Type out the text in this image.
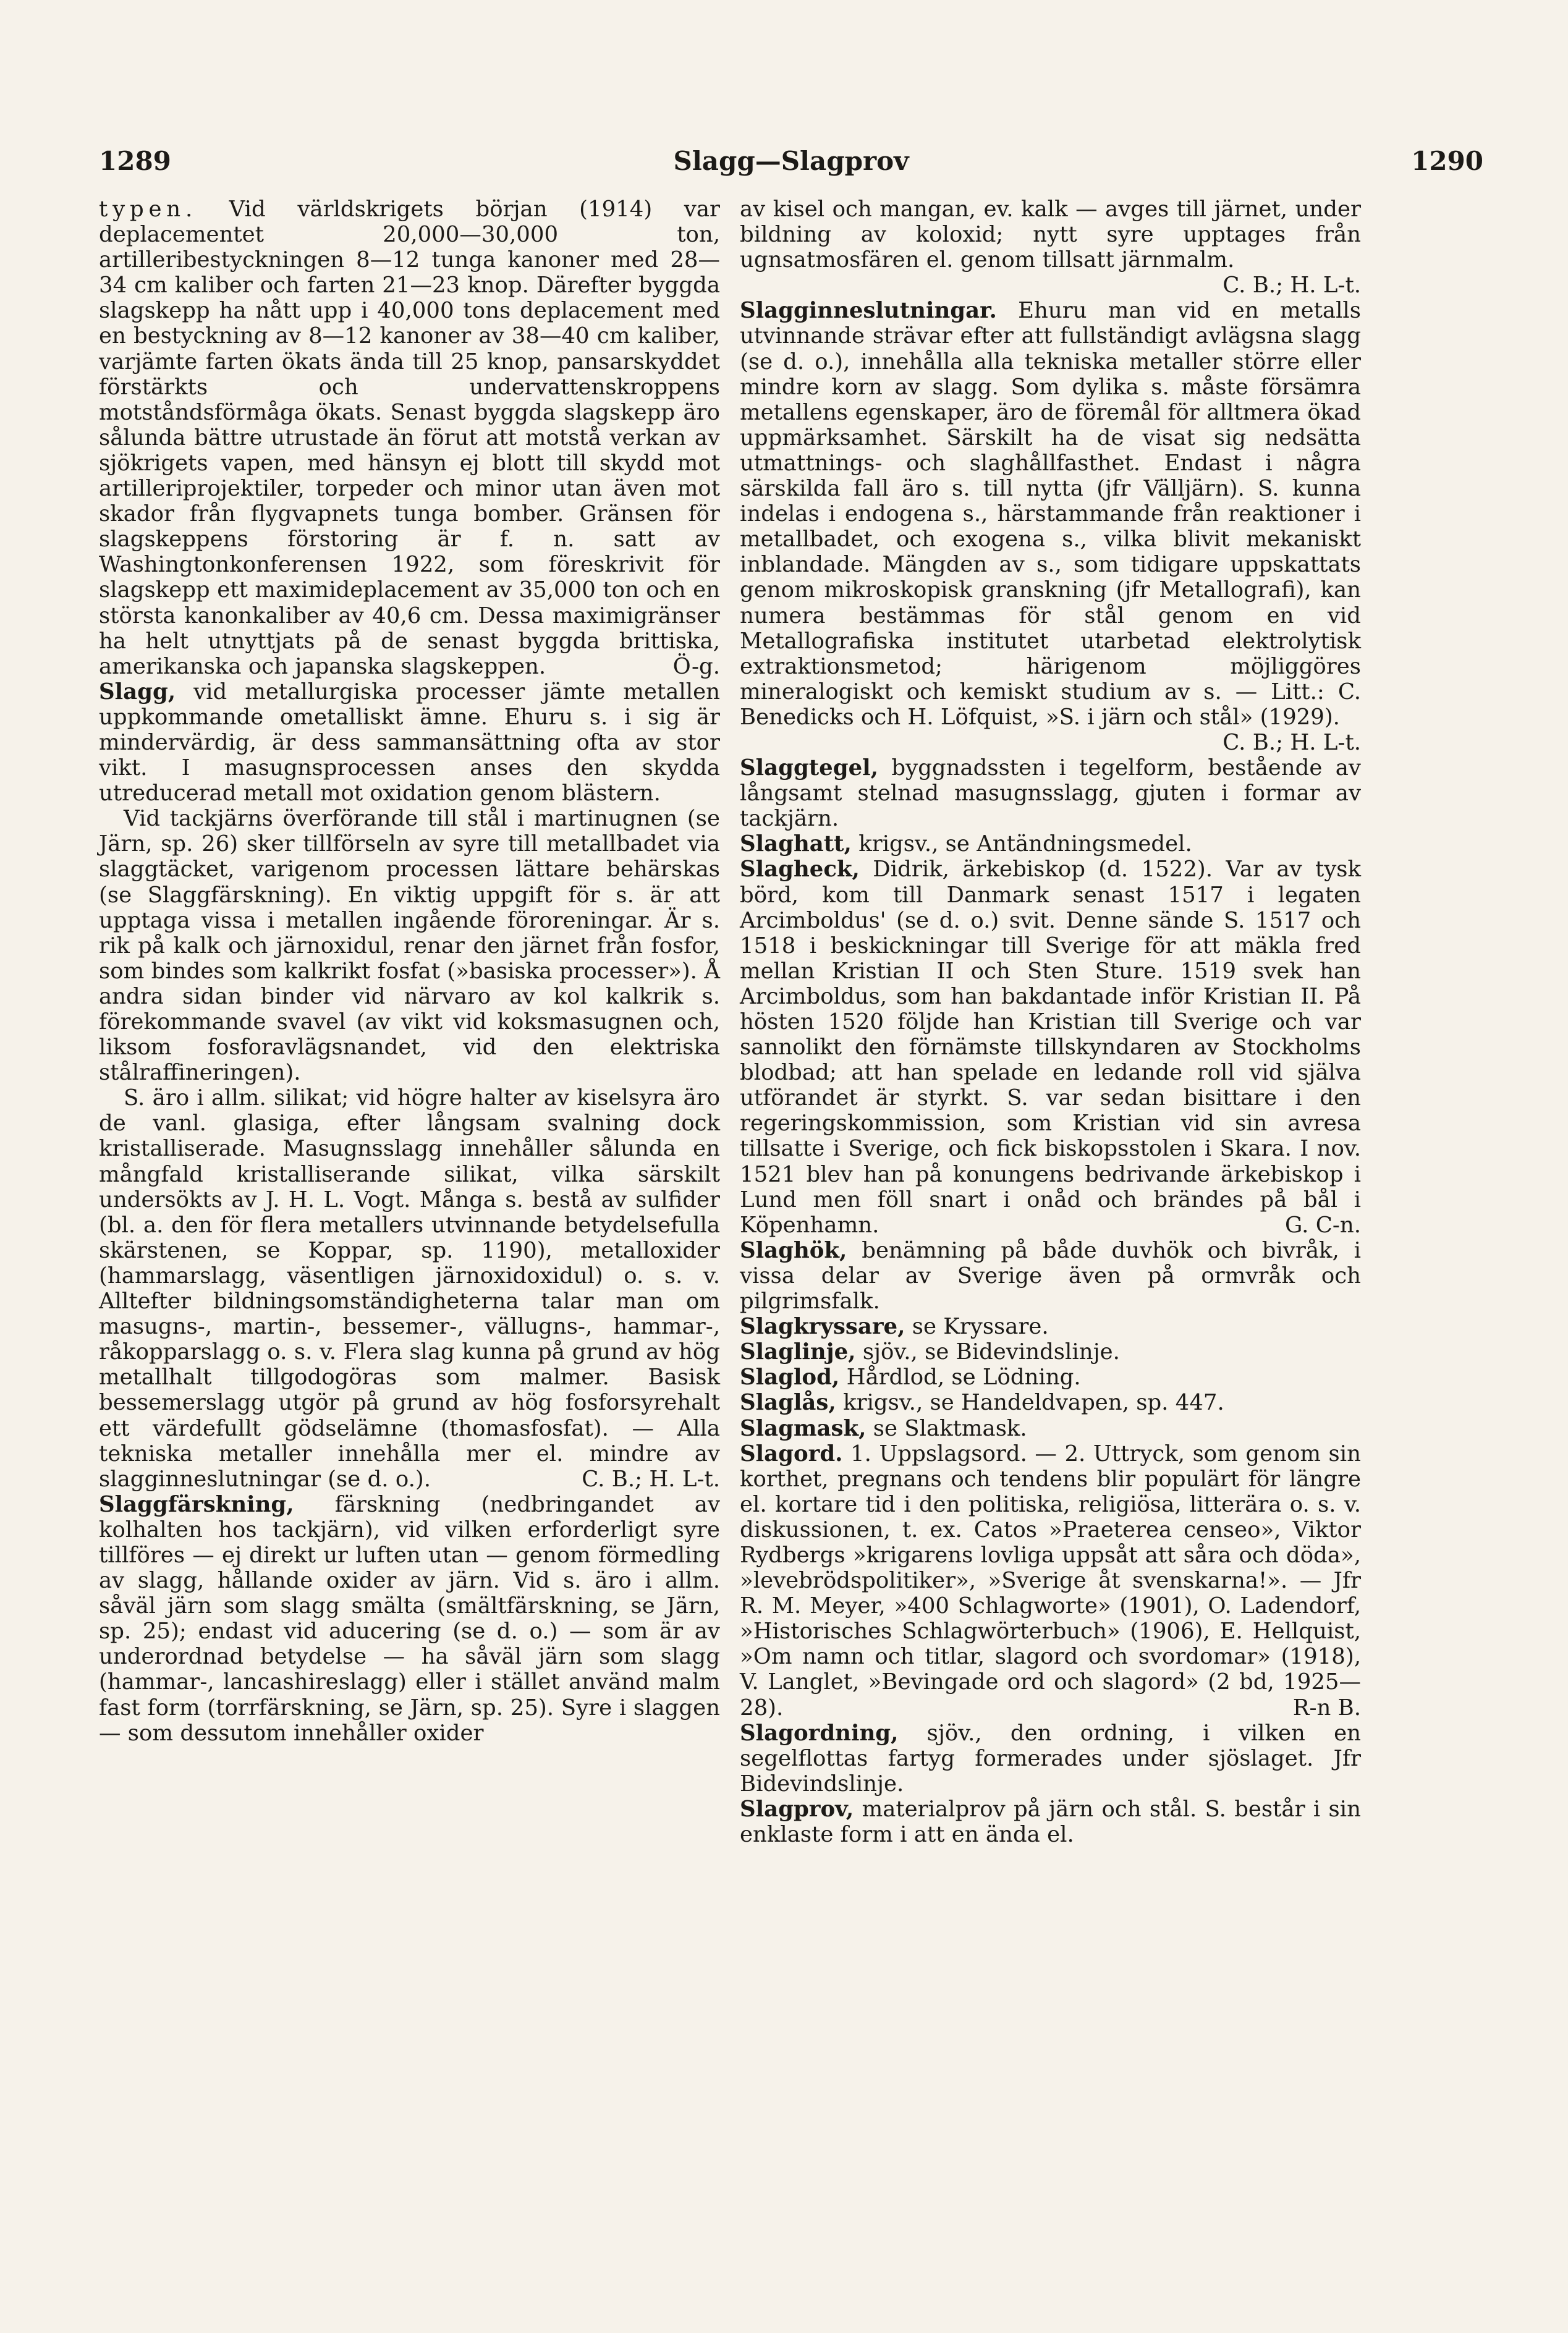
1289	Slagg—Slagprov	1290

typen. Vid världskrigets början (1914) var deplacementet 20,000—30,000 ton, artilleribestyckningen 8—12 tunga kanoner med 28—34 cm kaliber och farten 21—23 knop. Därefter byggda slagskepp ha nått upp i 40,000 tons deplacement med en bestyckning av 8—12 kanoner av 38—40 cm kaliber, varjämte farten ökats ända till 25 knop, pansarskyddet förstärkts och undervattenskroppens motståndsförmåga ökats. Senast byggda slagskepp äro sålunda bättre utrustade än förut att motstå verkan av sjökrigets vapen, med hänsyn ej blott till skydd mot artilleriprojektiler, torpeder och minor utan även mot skador från flygvapnets tunga bomber. Gränsen för slagskeppens förstoring är f. n. satt av Washingtonkonferensen 1922, som föreskrivit för slagskepp ett maximideplacement av 35,000 ton och en största kanonkaliber av 40,6 cm. Dessa maximigränser ha helt utnyttjats på de senast byggda brittiska, amerikanska och japanska slagskeppen.	Ö-g.

Slagg, vid metallurgiska processer jämte metallen uppkommande ometalliskt ämne. Ehuru s. i sig är mindervärdig, är dess sammansättning ofta av stor vikt. I masugnsprocessen anses den skydda utreducerad metall mot oxidation genom blästern.

Vid tackjärns överförande till stål i martinugnen (se Järn, sp. 26) sker tillförseln av syre till metallbadet via slaggtäcket, varigenom processen lättare behärskas (se Slaggfärskning). En viktig uppgift för s. är att upptaga vissa i metallen ingående föroreningar. Är s. rik på kalk och järnoxidul, renar den järnet från fosfor, som bindes som kalkrikt fosfat (»basiska processer»). Å andra sidan binder vid närvaro av kol kalkrik s. förekommande svavel (av vikt vid koksmasugnen och, liksom fosforavlägsnandet, vid den elektriska stålraffineringen).

S. äro i allm. silikat; vid högre halter av kiselsyra äro de vanl. glasiga, efter långsam svalning dock kristalliserade. Masugnsslagg innehåller sålunda en mångfald kristalliserande silikat, vilka särskilt undersökts av J. H. L. Vogt. Många s. bestå av sulfider (bl. a. den för flera metallers utvinnande betydelsefulla skärstenen, se Koppar, sp. 1190), metalloxider (hammarslagg, väsentligen järnoxidoxidul) o. s. v. Alltefter bildningsomständigheterna talar man om masugns-, martin-, bessemer-, vällugns-, hammar-, råkopparslagg o. s. v. Flera slag kunna på grund av hög metallhalt tillgodogöras som malmer. Basisk bessemerslagg utgör på grund av hög fosforsyrehalt ett värdefullt gödselämne (thomasfosfat). — Alla tekniska metaller innehålla mer el. mindre av slagginneslutningar (se d. o.).	C. B.; H. L-t.

Slaggfärskning, färskning (nedbringandet av kolhalten hos tackjärn), vid vilken erforderligt syre tillföres — ej direkt ur luften utan — genom förmedling av slagg, hållande oxider av järn. Vid s. äro i allm. såväl järn som slagg smälta (smältfärskning, se Järn, sp. 25); endast vid aducering (se d. o.) — som är av underordnad betydelse — ha såväl järn som slagg (hammar-, lancashireslagg) eller i stället använd malm fast form (torrfärskning, se Järn, sp. 25). Syre i slaggen — som dessutom innehåller oxider

av kisel och mangan, ev. kalk — avges till järnet, under bildning av koloxid; nytt syre upptages från ugnsatmosfären el. genom tillsatt järnmalm.
C. B.; H. L-t.

Slagginneslutningar. Ehuru man vid en metalls utvinnande strävar efter att fullständigt avlägsna slagg (se d. o.), innehålla alla tekniska metaller större eller mindre korn av slagg. Som dylika s. måste försämra metallens egenskaper, äro de föremål för alltmera ökad uppmärksamhet. Särskilt ha de visat sig nedsätta utmattnings- och slaghållfasthet. Endast i några särskilda fall äro s. till nytta (jfr Välljärn). S. kunna indelas i endogena s., härstammande från reaktioner i metallbadet, och exogena s., vilka blivit mekaniskt inblandade. Mängden av s., som tidigare uppskattats genom mikroskopisk granskning (jfr Metallografi), kan numera bestämmas för stål genom en vid Metallografiska institutet utarbetad elektrolytisk extraktionsmetod; härigenom möjliggöres mineralogiskt och kemiskt studium av s. — Litt.: C. Benedicks och H. Löfquist, »S. i järn och stål» (1929).
C. B.; H. L-t.

Slaggtegel, byggnadssten i tegelform, bestående av långsamt stelnad masugnsslagg, gjuten i formar av tackjärn.

Slaghatt, krigsv., se Antändningsmedel.

Slagheck, Didrik, ärkebiskop (d. 1522). Var av tysk börd, kom till Danmark senast 1517 i legaten Arcimboldus' (se d. o.) svit. Denne sände S. 1517 och 1518 i beskickningar till Sverige för att mäkla fred mellan Kristian II och Sten Sture. 1519 svek han Arcimboldus, som han bakdantade inför Kristian II. På hösten 1520 följde han Kristian till Sverige och var sannolikt den förnämste tillskyndaren av Stockholms blodbad; att han spelade en ledande roll vid själva utförandet är styrkt. S. var sedan bisittare i den regeringskommission, som Kristian vid sin avresa tillsatte i Sverige, och fick biskopsstolen i Skara. I nov. 1521 blev han på konungens bedrivande ärkebiskop i Lund men föll snart i onåd och brändes på bål i Köpenhamn.	G. C-n.

Slaghök, benämning på både duvhök och bivråk, i vissa delar av Sverige även på ormvråk och pilgrimsfalk.

Slagkryssare, se Kryssare.

Slaglinje, sjöv., se Bidevindslinje.

Slaglod, Hårdlod, se Lödning.

Slaglås, krigsv., se Handeldvapen, sp. 447.

Slagmask, se Slaktmask.

Slagord. 1. Uppslagsord. — 2. Uttryck, som genom sin korthet, pregnans och tendens blir populärt för längre el. kortare tid i den politiska, religiösa, litterära o. s. v. diskussionen, t. ex. Catos »Praeterea censeo», Viktor Rydbergs »krigarens lovliga uppsåt att såra och döda», »levebrödspolitiker», »Sverige åt svenskarna!». — Jfr R. M. Meyer, »400 Schlagworte» (1901), O. Ladendorf, »Historisches Schlagwörterbuch» (1906), E. Hellquist, »Om namn och titlar, slagord och svordomar» (1918), V. Langlet, »Bevingade ord och slagord» (2 bd, 1925—28).	R-n B.

Slagordning, sjöv., den ordning, i vilken en segelflottas fartyg formerades under sjöslaget. Jfr Bidevindslinje.

Slagprov, materialprov på järn och stål. S. består i sin enklaste form i att en ända el.
